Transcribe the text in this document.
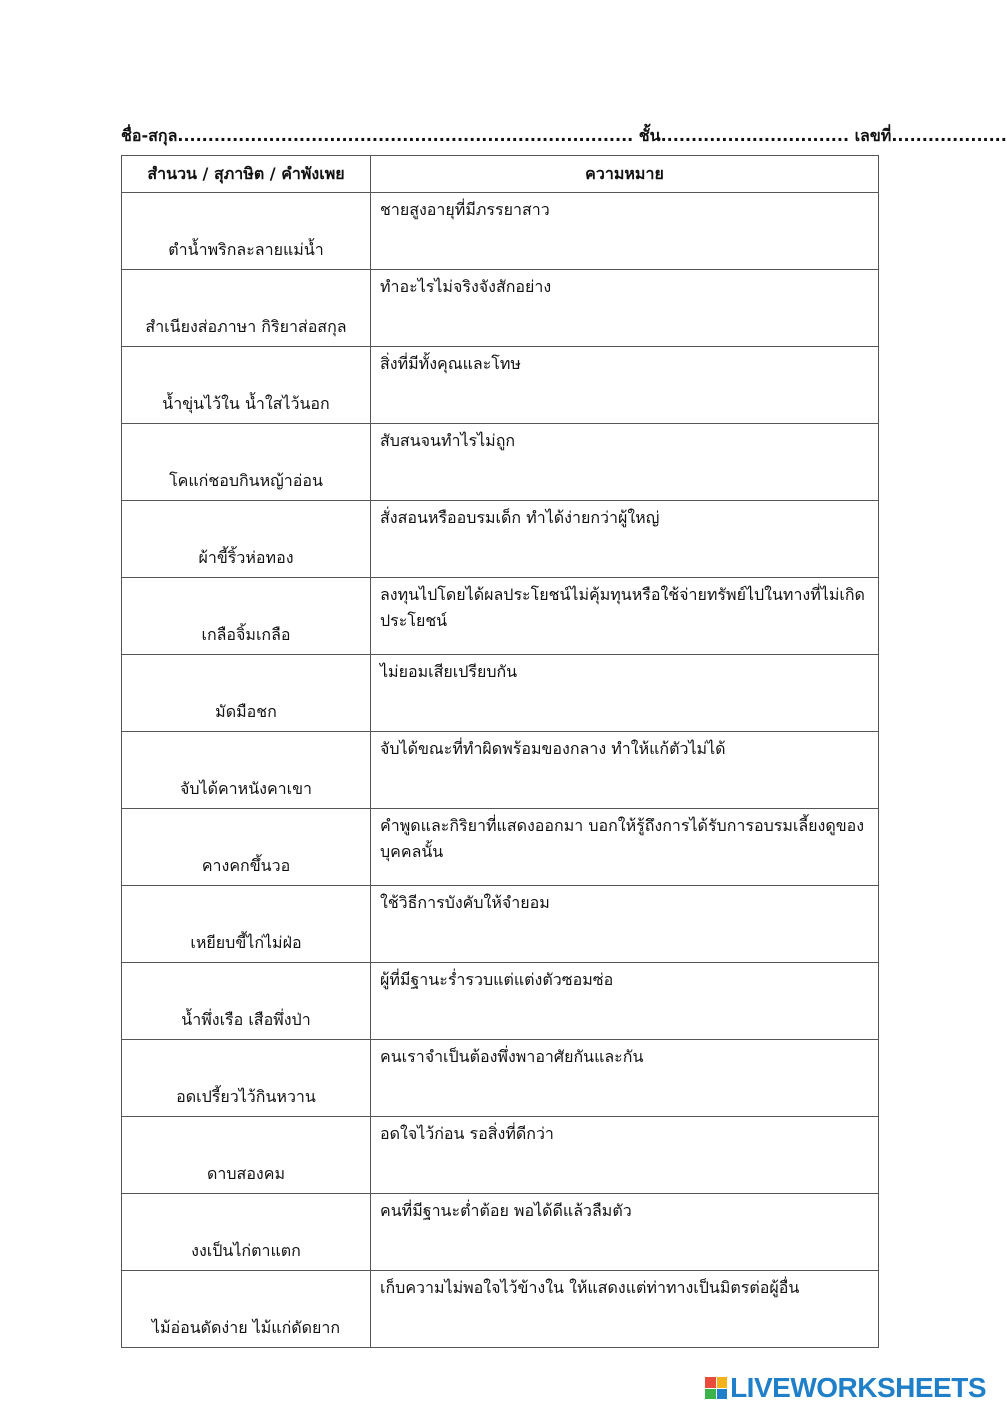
ชื่อ-สกุล........................................................................... ชั้น............................... เลขที่...................
สำนวน / สุภาษิต / คำพังเพย	ความหมาย
ตำน้ำพริกละลายแม่น้ำ	ชายสูงอายุที่มีภรรยาสาว
สำเนียงส่อภาษา กิริยาส่อสกุล	ทำอะไรไม่จริงจังสักอย่าง
น้ำขุ่นไว้ใน น้ำใสไว้นอก	สิ่งที่มีทั้งคุณและโทษ
โคแก่ชอบกินหญ้าอ่อน	สับสนจนทำไรไม่ถูก
ผ้าขี้ริ้วห่อทอง	สั่งสอนหรืออบรมเด็ก ทำได้ง่ายกว่าผู้ใหญ่
เกลือจิ้มเกลือ	ลงทุนไปโดยได้ผลประโยชน์ไม่คุ้มทุนหรือใช้จ่ายทรัพย์ไปในทางที่ไม่เกิดประโยชน์
มัดมือชก	ไม่ยอมเสียเปรียบกัน
จับได้คาหนังคาเขา	จับได้ขณะที่ทำผิดพร้อมของกลาง ทำให้แก้ตัวไม่ได้
คางคกขึ้นวอ	คำพูดและกิริยาที่แสดงออกมา บอกให้รู้ถึงการได้รับการอบรมเลี้ยงดูของบุคคลนั้น
เหยียบขี้ไก่ไม่ฝ่อ	ใช้วิธีการบังคับให้จำยอม
น้ำพึ่งเรือ เสือพึ่งป่า	ผู้ที่มีฐานะร่ำรวบแต่แต่งตัวซอมซ่อ
อดเปรี้ยวไว้กินหวาน	คนเราจำเป็นต้องพึ่งพาอาศัยกันและกัน
ดาบสองคม	อดใจไว้ก่อน รอสิ่งที่ดีกว่า
งงเป็นไก่ตาแตก	คนที่มีฐานะต่ำต้อย พอได้ดีแล้วลืมตัว
ไม้อ่อนดัดง่าย ไม้แก่ดัดยาก	เก็บความไม่พอใจไว้ข้างใน ให้แสดงแต่ท่าทางเป็นมิตรต่อผู้อื่น
LIVEWORKSHEETS
